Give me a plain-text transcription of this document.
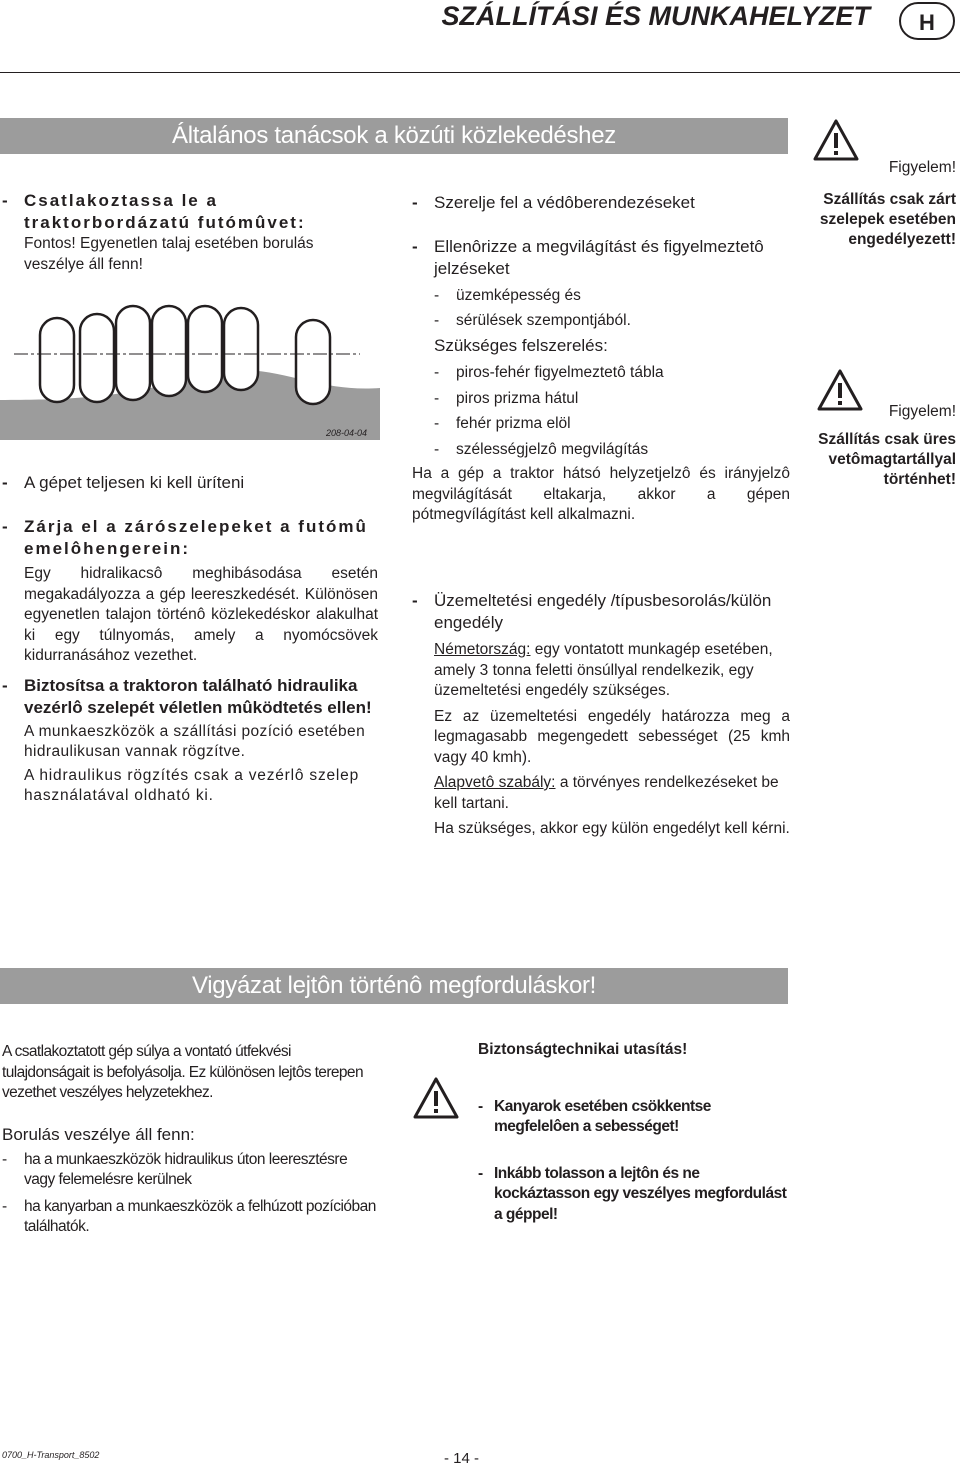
SZÁLLÍTÁSI ÉS MUNKAHELYZET	H
Általános tanácsok a közúti közlekedéshez
- Csatlakoztassa le a traktorbordázatú futómûvet:

Fontos! Egyenetlen talaj esetében borulás veszélye áll fenn!

208-04-04
- A gépet teljesen ki kell üríteni

- Zárja el a zárószelepeket a futómû emelôhengerein:

Egy hidralikacsô meghibásodása esetén megakadályozza a gép leereszkedését. Különösen egyenetlen talajon történô közlekedéskor alakulhat ki egy túlnyomás, amely a nyomócsövek kidurranásához vezethet.

- Biztosítsa a traktoron található hidraulika vezérlô szelepét véletlen mûködtetés ellen!

A munkaeszközök a szállítási pozíció esetében hidraulikusan vannak rögzítve.

A hidraulikus rögzítés csak a vezérlô szelep használatával oldható ki.

- Szerelje fel a védôberendezéseket

- Ellenôrizze a megvilágítást és figyelmeztetô jelzéseket

- üzemképesség és

- sérülések szempontjából.

Szükséges felszerelés:

- piros-fehér figyelmeztetô tábla

- piros prizma hátul

- fehér prizma elöl

- szélességjelzô megvilágítás

Ha a gép a traktor hátsó helyzetjelzô és irányjelzô megvilágítását eltakarja, akkor a gépen pótmegvílágítást kell alkalmazni.

- Üzemeltetési engedély /típusbesorolás/külön engedély

Németország: egy vontatott munkagép esetében, amely 3 tonna feletti önsúllyal rendelkezik, egy üzemeltetési engedély szükséges.

Ez az üzemeltetési engedély határozza meg a legmagasabb megengedett sebességet (25 kmh vagy 40 kmh).

Alapvetô szabály: a törvényes rendelkezéseket be kell tartani.

Ha szükséges, akkor egy külön engedélyt kell kérni.

Figyelem!
Szállítás csak zárt szelepek esetében engedélyezett!
Figyelem!
Szállítás csak üres vetômagtartállyal történhet!
Vigyázat lejtôn történô megforduláskor!

A csatlakoztatott gép súlya a vontató útfekvési tulajdonságait is befolyásolja. Ez különösen lejtôs terepen vezethet veszélyes helyzetekhez.

Borulás veszélye áll fenn:

- ha a munkaeszközök hidraulikus úton leeresztésre vagy felemelésre kerülnek

- ha kanyarban a munkaeszközök a felhúzott pozícióban találhatók.

Biztonságtechnikai utasítás!

- Kanyarok esetében csökkentse megfelelôen a sebességet!

- Inkább tolasson a lejtôn és ne kockáztasson egy veszélyes megfordulást a géppel!

0700_H-Transport_8502	- 14 -
